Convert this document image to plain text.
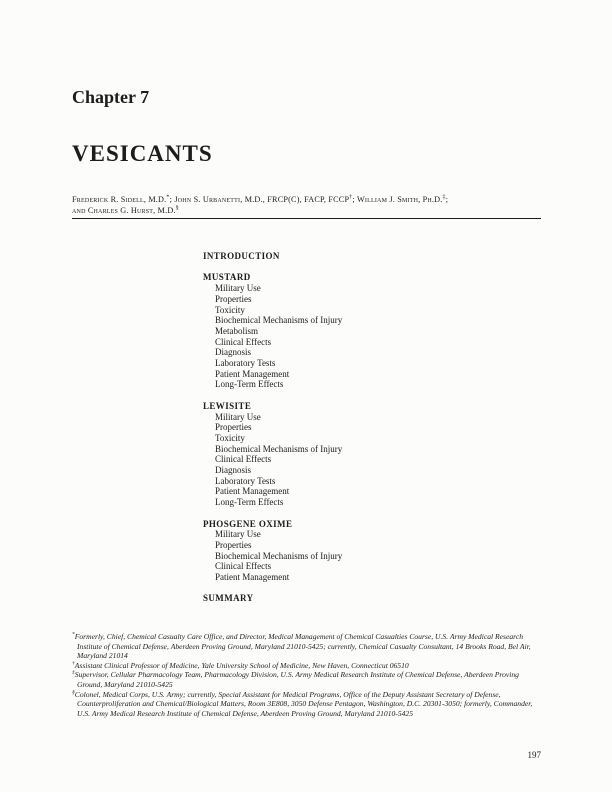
Chapter 7
VESICANTS
Frederick R. Sidell, M.D.*; John S. Urbanetti, M.D., FRCP(C), FACP, FCCP†; William J. Smith, Ph.D.‡;
and Charles G. Hurst, M.D.§
INTRODUCTION
MUSTARD
Military Use
Properties
Toxicity
Biochemical Mechanisms of Injury
Metabolism
Clinical Effects
Diagnosis
Laboratory Tests
Patient Management
Long-Term Effects
LEWISITE
Military Use
Properties
Toxicity
Biochemical Mechanisms of Injury
Clinical Effects
Diagnosis
Laboratory Tests
Patient Management
Long-Term Effects
PHOSGENE OXIME
Military Use
Properties
Biochemical Mechanisms of Injury
Clinical Effects
Patient Management
SUMMARY
*Formerly, Chief, Chemical Casualty Care Office, and Director, Medical Management of Chemical Casualties Course, U.S. Army Medical Research Institute of Chemical Defense, Aberdeen Proving Ground, Maryland 21010-5425; currently, Chemical Casualty Consultant, 14 Brooks Road, Bel Air, Maryland 21014
†Assistant Clinical Professor of Medicine, Yale University School of Medicine, New Haven, Connecticut 06510
‡Supervisor, Cellular Pharmacology Team, Pharmacology Division, U.S. Army Medical Research Institute of Chemical Defense, Aberdeen Proving Ground, Maryland 21010-5425
§Colonel, Medical Corps, U.S. Army; currently, Special Assistant for Medical Programs, Office of the Deputy Assistant Secretary of Defense, Counterproliferation and Chemical/Biological Matters, Room 3E808, 3050 Defense Pentagon, Washington, D.C. 20301-3050; formerly, Commander, U.S. Army Medical Research Institute of Chemical Defense, Aberdeen Proving Ground, Maryland 21010-5425
197
